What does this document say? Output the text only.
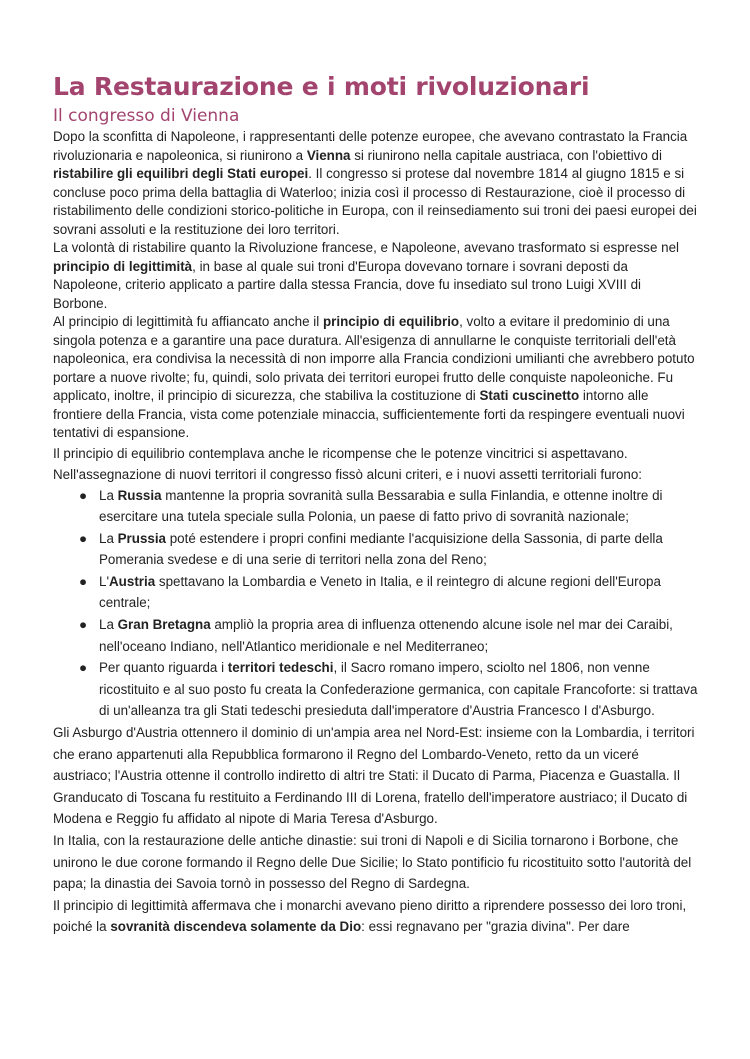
La Restaurazione e i moti rivoluzionari
Il congresso di Vienna

Dopo la sconfitta di Napoleone, i rappresentanti delle potenze europee, che avevano contrastato la Francia rivoluzionaria e napoleonica, si riunirono a Vienna si riunirono nella capitale austriaca, con l'obiettivo di ristabilire gli equilibri degli Stati europei. Il congresso si protese dal novembre 1814 al giugno 1815 e si concluse poco prima della battaglia di Waterloo; inizia così il processo di Restaurazione, cioè il processo di ristabilimento delle condizioni storico-politiche in Europa, con il reinsediamento sui troni dei paesi europei dei sovrani assoluti e la restituzione dei loro territori.

La volontà di ristabilire quanto la Rivoluzione francese, e Napoleone, avevano trasformato si espresse nel principio di legittimità, in base al quale sui troni d'Europa dovevano tornare i sovrani deposti da Napoleone, criterio applicato a partire dalla stessa Francia, dove fu insediato sul trono Luigi XVIII di Borbone.

Al principio di legittimità fu affiancato anche il principio di equilibrio, volto a evitare il predominio di una singola potenza e a garantire una pace duratura. All'esigenza di annullarne le conquiste territoriali dell'età napoleonica, era condivisa la necessità di non imporre alla Francia condizioni umilianti che avrebbero potuto portare a nuove rivolte; fu, quindi, solo privata dei territori europei frutto delle conquiste napoleoniche. Fu applicato, inoltre, il principio di sicurezza, che stabiliva la costituzione di Stati cuscinetto intorno alle frontiere della Francia, vista come potenziale minaccia, sufficientemente forti da respingere eventuali nuovi tentativi di espansione.

Il principio di equilibrio contemplava anche le ricompense che le potenze vincitrici si aspettavano.

Nell'assegnazione di nuovi territori il congresso fissò alcuni criteri, e i nuovi assetti territoriali furono:

● La Russia mantenne la propria sovranità sulla Bessarabia e sulla Finlandia, e ottenne inoltre di esercitare una tutela speciale sulla Polonia, un paese di fatto privo di sovranità nazionale;
● La Prussia poté estendere i propri confini mediante l'acquisizione della Sassonia, di parte della Pomerania svedese e di una serie di territori nella zona del Reno;
● L'Austria spettavano la Lombardia e Veneto in Italia, e il reintegro di alcune regioni dell'Europa centrale;
● La Gran Bretagna ampliò la propria area di influenza ottenendo alcune isole nel mar dei Caraibi, nell'oceano Indiano, nell'Atlantico meridionale e nel Mediterraneo;
● Per quanto riguarda i territori tedeschi, il Sacro romano impero, sciolto nel 1806, non venne ricostituito e al suo posto fu creata la Confederazione germanica, con capitale Francoforte: si trattava di un'alleanza tra gli Stati tedeschi presieduta dall'imperatore d'Austria Francesco I d'Asburgo.

Gli Asburgo d'Austria ottennero il dominio di un'ampia area nel Nord-Est: insieme con la Lombardia, i territori che erano appartenuti alla Repubblica formarono il Regno del Lombardo-Veneto, retto da un viceré austriaco; l'Austria ottenne il controllo indiretto di altri tre Stati: il Ducato di Parma, Piacenza e Guastalla. Il Granducato di Toscana fu restituito a Ferdinando III di Lorena, fratello dell'imperatore austriaco; il Ducato di Modena e Reggio fu affidato al nipote di Maria Teresa d'Asburgo.

In Italia, con la restaurazione delle antiche dinastie: sui troni di Napoli e di Sicilia tornarono i Borbone, che unirono le due corone formando il Regno delle Due Sicilie; lo Stato pontificio fu ricostituito sotto l'autorità del papa; la dinastia dei Savoia tornò in possesso del Regno di Sardegna.

Il principio di legittimità affermava che i monarchi avevano pieno diritto a riprendere possesso dei loro troni, poiché la sovranità discendeva solamente da Dio: essi regnavano per "grazia divina". Per dare
